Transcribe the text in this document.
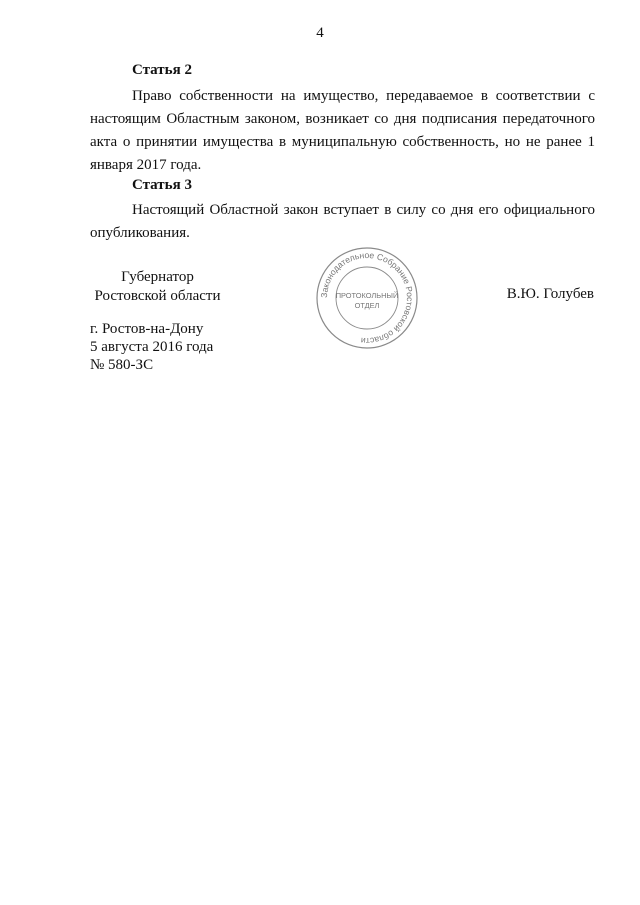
4
Статья 2

Право собственности на имущество, передаваемое в соответствии с настоящим Областным законом, возникает со дня подписания передаточного акта о принятии имущества в муниципальную собственность, но не ранее 1 января 2017 года.

Статья 3

Настоящий Областной закон вступает в силу со дня его официального опубликования.

Губернатор
Ростовской области	Законодательное Собрание Ростовской области
ПРОТОКОЛЬНЫЙ
ОТДЕЛ
В.Ю. Голубев
г. Ростов-на-Дону
5 августа 2016 года
№ 580-ЗС
